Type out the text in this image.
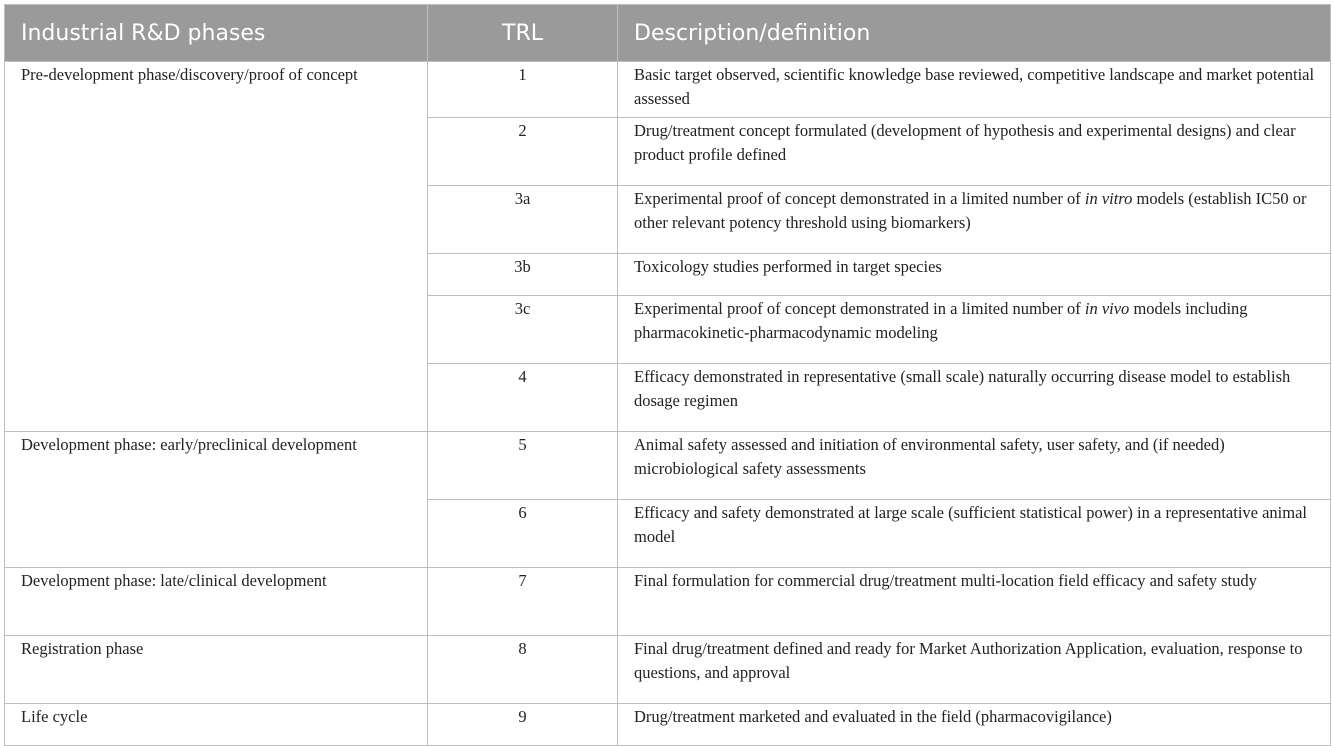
Industrial R&D phases	TRL	Description/definition
Pre-development phase/discovery/proof of concept	1	Basic target observed, scientific knowledge base reviewed, competitive landscape and market potential assessed
	2	Drug/treatment concept formulated (development of hypothesis and experimental designs) and clear product profile defined
	3a	Experimental proof of concept demonstrated in a limited number of in vitro models (establish IC50 or other relevant potency threshold using biomarkers)
	3b	Toxicology studies performed in target species
	3c	Experimental proof of concept demonstrated in a limited number of in vivo models including pharmacokinetic-pharmacodynamic modeling
	4	Efficacy demonstrated in representative (small scale) naturally occurring disease model to establish dosage regimen
Development phase: early/preclinical development	5	Animal safety assessed and initiation of environmental safety, user safety, and (if needed) microbiological safety assessments
	6	Efficacy and safety demonstrated at large scale (sufficient statistical power) in a representative animal model
Development phase: late/clinical development	7	Final formulation for commercial drug/treatment multi-location field efficacy and safety study
Registration phase	8	Final drug/treatment defined and ready for Market Authorization Application, evaluation, response to questions, and approval
Life cycle	9	Drug/treatment marketed and evaluated in the field (pharmacovigilance)
